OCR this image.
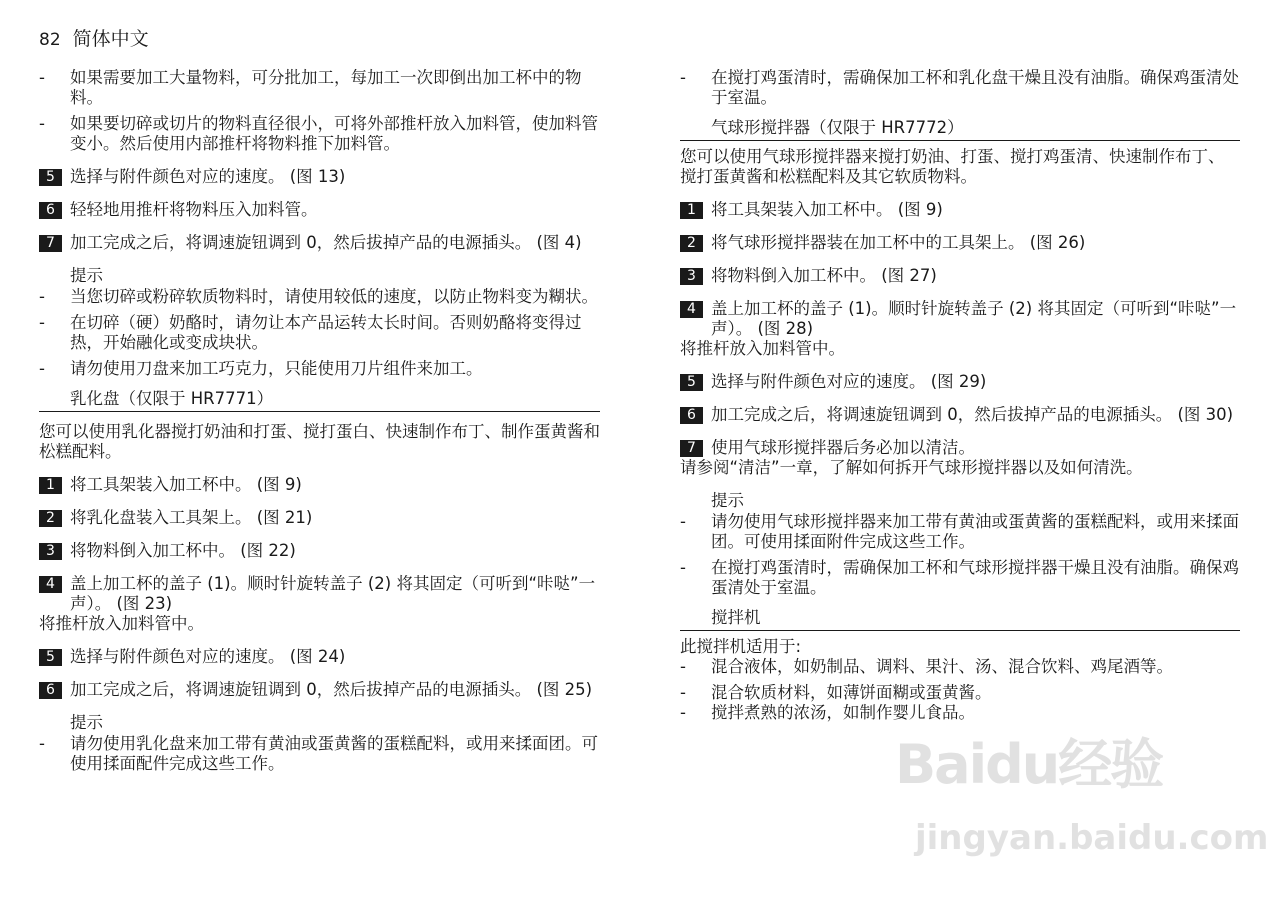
82 简体中文
- 如果需要加工大量物料，可分批加工，每加工一次即倒出加工杯中的物料。
- 如果要切碎或切片的物料直径很小，可将外部推杆放入加料管，使加料管变小。然后使用内部推杆将物料推下加料管。
5 选择与附件颜色对应的速度。 (图 13)
6 轻轻地用推杆将物料压入加料管。
7 加工完成之后，将调速旋钮调到 0，然后拔掉产品的电源插头。 (图 4)
提示
- 当您切碎或粉碎软质物料时，请使用较低的速度，以防止物料变为糊状。
- 在切碎（硬）奶酪时，请勿让本产品运转太长时间。否则奶酪将变得过热，开始融化或变成块状。
- 请勿使用刀盘来加工巧克力，只能使用刀片组件来加工。
乳化盘（仅限于 HR7771）
您可以使用乳化器搅打奶油和打蛋、搅打蛋白、快速制作布丁、制作蛋黄酱和松糕配料。
1 将工具架装入加工杯中。 (图 9)
2 将乳化盘装入工具架上。 (图 21)
3 将物料倒入加工杯中。 (图 22)
4 盖上加工杯的盖子 (1)。顺时针旋转盖子 (2) 将其固定（可听到“咔哒”一声）。 (图 23)
将推杆放入加料管中。
5 选择与附件颜色对应的速度。 (图 24)
6 加工完成之后，将调速旋钮调到 0，然后拔掉产品的电源插头。 (图 25)
提示
- 请勿使用乳化盘来加工带有黄油或蛋黄酱的蛋糕配料，或用来揉面团。可使用揉面配件完成这些工作。
- 在搅打鸡蛋清时，需确保加工杯和乳化盘干燥且没有油脂。确保鸡蛋清处于室温。
气球形搅拌器（仅限于 HR7772）
您可以使用气球形搅拌器来搅打奶油、打蛋、搅打鸡蛋清、快速制作布丁、搅打蛋黄酱和松糕配料及其它软质物料。
1 将工具架装入加工杯中。 (图 9)
2 将气球形搅拌器装在加工杯中的工具架上。 (图 26)
3 将物料倒入加工杯中。 (图 27)
4 盖上加工杯的盖子 (1)。顺时针旋转盖子 (2) 将其固定（可听到“咔哒”一声）。 (图 28)
将推杆放入加料管中。
5 选择与附件颜色对应的速度。 (图 29)
6 加工完成之后，将调速旋钮调到 0，然后拔掉产品的电源插头。 (图 30)
7 使用气球形搅拌器后务必加以清洁。
请参阅“清洁”一章，了解如何拆开气球形搅拌器以及如何清洗。
提示
- 请勿使用气球形搅拌器来加工带有黄油或蛋黄酱的蛋糕配料，或用来揉面团。可使用揉面附件完成这些工作。
- 在搅打鸡蛋清时，需确保加工杯和气球形搅拌器干燥且没有油脂。确保鸡蛋清处于室温。
搅拌机
此搅拌机适用于:
- 混合液体，如奶制品、调料、果汁、汤、混合饮料、鸡尾酒等。
- 混合软质材料，如薄饼面糊或蛋黄酱。
- 搅拌煮熟的浓汤，如制作婴儿食品。
Baidu经验
jingyan.baidu.com
